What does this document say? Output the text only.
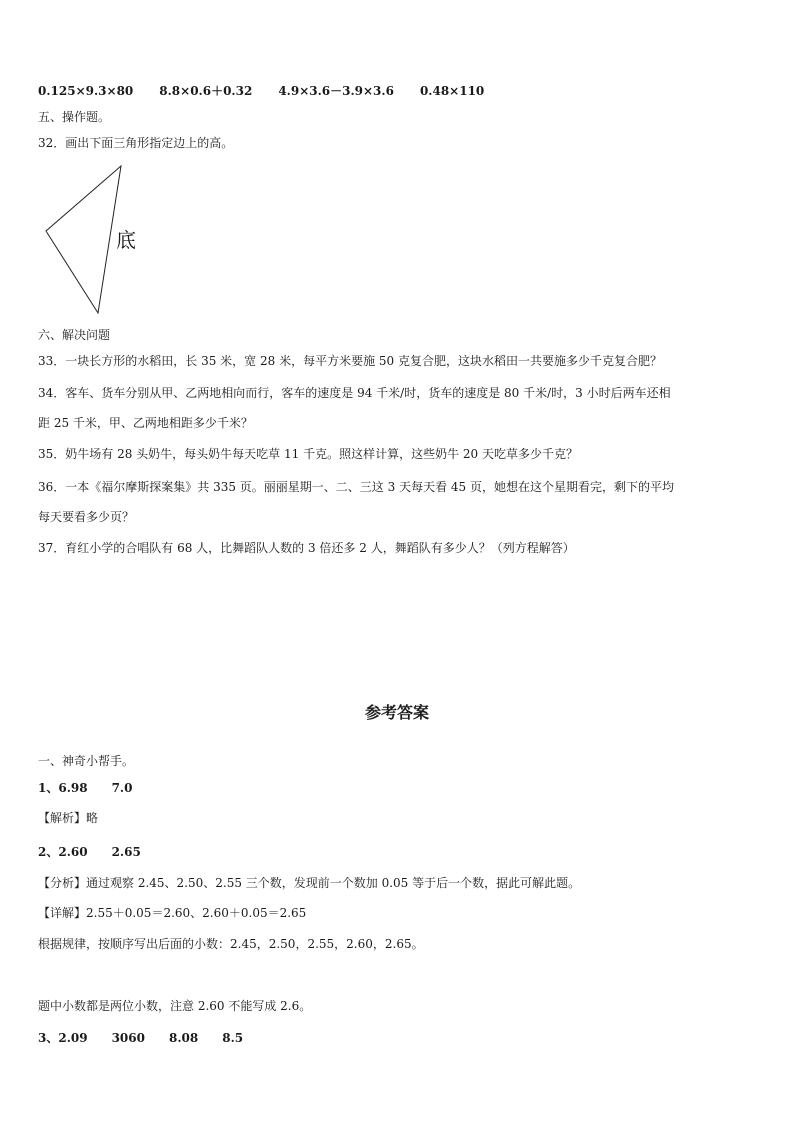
0.125×9.3×80 8.8×0.6＋0.32 4.9×3.6－3.9×3.6 0.48×110
五、操作题。
32．画出下面三角形指定边上的高。
底
六、解决问题
33．一块长方形的水稻田，长 35 米，宽 28 米，每平方米要施 50 克复合肥，这块水稻田一共要施多少千克复合肥？
34．客车、货车分别从甲、乙两地相向而行，客车的速度是 94 千米/时，货车的速度是 80 千米/时，3 小时后两车还相
距 25 千米，甲、乙两地相距多少千米？
35．奶牛场有 28 头奶牛，每头奶牛每天吃草 11 千克。照这样计算，这些奶牛 20 天吃草多少千克？
36．一本《福尔摩斯探案集》共 335 页。丽丽星期一、二、三这 3 天每天看 45 页，她想在这个星期看完，剩下的平均
每天要看多少页？
37．育红小学的合唱队有 68 人，比舞蹈队人数的 3 倍还多 2 人，舞蹈队有多少人？（列方程解答）
参考答案
一、神奇小帮手。
1、6.98 7.0
【解析】略
2、2.60 2.65
【分析】通过观察 2.45、2.50、2.55 三个数，发现前一个数加 0.05 等于后一个数，据此可解此题。
【详解】2.55＋0.05＝2.60、2.60＋0.05＝2.65
根据规律，按顺序写出后面的小数：2.45，2.50，2.55，2.60，2.65。
题中小数都是两位小数，注意 2.60 不能写成 2.6。
3、2.09 3060 8.08 8.5
